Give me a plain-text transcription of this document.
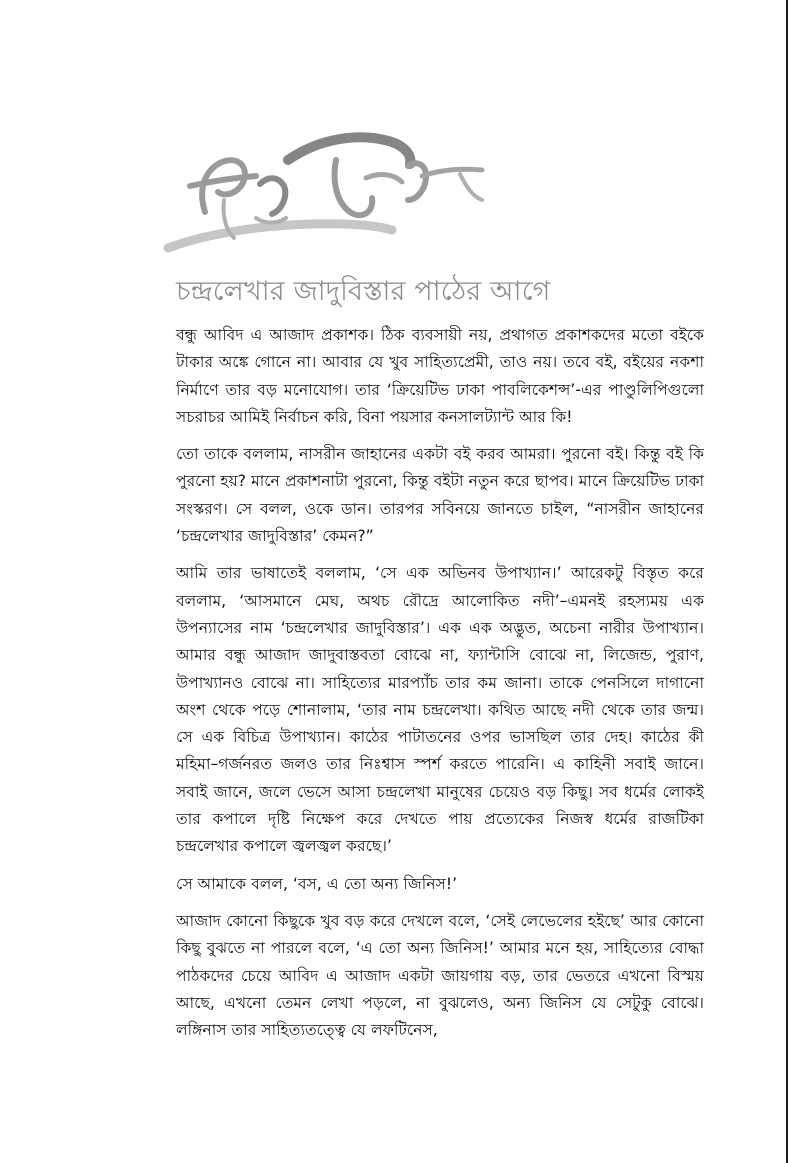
চন্দ্রলেখার জাদুবিস্তার পাঠের আগে

বন্ধু আবিদ এ আজাদ প্রকাশক। ঠিক ব্যবসায়ী নয়, প্রথাগত প্রকাশকদের মতো বইকে টাকার অঙ্কে গোনে না। আবার যে খুব সাহিত্যপ্রেমী, তাও নয়। তবে বই, বইয়ের নকশা নির্মাণে তার বড় মনোযোগ। তার ‘ক্রিয়েটিভ ঢাকা পাবলিকেশন্স’-এর পাণ্ডুলিপিগুলো সচরাচর আমিই নির্বাচন করি, বিনা পয়সার কনসালট্যান্ট আর কি!

তো তাকে বললাম, নাসরীন জাহানের একটা বই করব আমরা। পুরনো বই। কিন্তু বই কি পুরনো হয়? মানে প্রকাশনাটা পুরনো, কিন্তু বইটা নতুন করে ছাপব। মানে ক্রিয়েটিভ ঢাকা সংস্করণ। সে বলল, ওকে ডান। তারপর সবিনয়ে জানতে চাইল, “নাসরীন জাহানের ‘চন্দ্রলেখার জাদুবিস্তার’ কেমন?”

আমি তার ভাষাতেই বললাম, ‘সে এক অভিনব উপাখ্যান।’ আরেকটু বিস্তৃত করে বললাম, ‘আসমানে মেঘ, অথচ রৌদ্রে আলোকিত নদী’–এমনই রহস্যময় এক উপন্যাসের নাম ‘চন্দ্রলেখার জাদুবিস্তার’। এক এক অদ্ভুত, অচেনা নারীর উপাখ্যান। আমার বন্ধু আজাদ জাদুবাস্তবতা বোঝে না, ফ্যান্টাসি বোঝে না, লিজেন্ড, পুরাণ, উপাখ্যানও বোঝে না। সাহিত্যের মারপ্যাঁচ তার কম জানা। তাকে পেনসিলে দাগানো অংশ থেকে পড়ে শোনালাম, ‘তার নাম চন্দ্রলেখা। কথিত আছে নদী থেকে তার জন্ম। সে এক বিচিত্র উপাখ্যান। কাঠের পাটাতনের ওপর ভাসছিল তার দেহ। কাঠের কী মহিমা–গর্জনরত জলও তার নিঃশ্বাস স্পর্শ করতে পারেনি। এ কাহিনী সবাই জানে। সবাই জানে, জলে ভেসে আসা চন্দ্রলেখা মানুষের চেয়েও বড় কিছু। সব ধর্মের লোকই তার কপালে দৃষ্টি নিক্ষেপ করে দেখতে পায় প্রত্যেকের নিজস্ব ধর্মের রাজটিকা চন্দ্রলেখার কপালে জ্বলজ্বল করছে।’

সে আমাকে বলল, ‘বস, এ তো অন্য জিনিস!’

আজাদ কোনো কিছুকে খুব বড় করে দেখলে বলে, ‘সেই লেভেলের হইছে’ আর কোনো কিছু বুঝতে না পারলে বলে, ‘এ তো অন্য জিনিস!’ আমার মনে হয়, সাহিত্যের বোদ্ধা পাঠকদের চেয়ে আবিদ এ আজাদ একটা জায়গায় বড়, তার ভেতরে এখনো বিস্ময় আছে, এখনো তেমন লেখা পড়লে, না বুঝলেও, অন্য জিনিস যে সেটুকু বোঝে। লঙ্গিনাস তার সাহিত্যতত্ত্বে যে লফটিনেস,
